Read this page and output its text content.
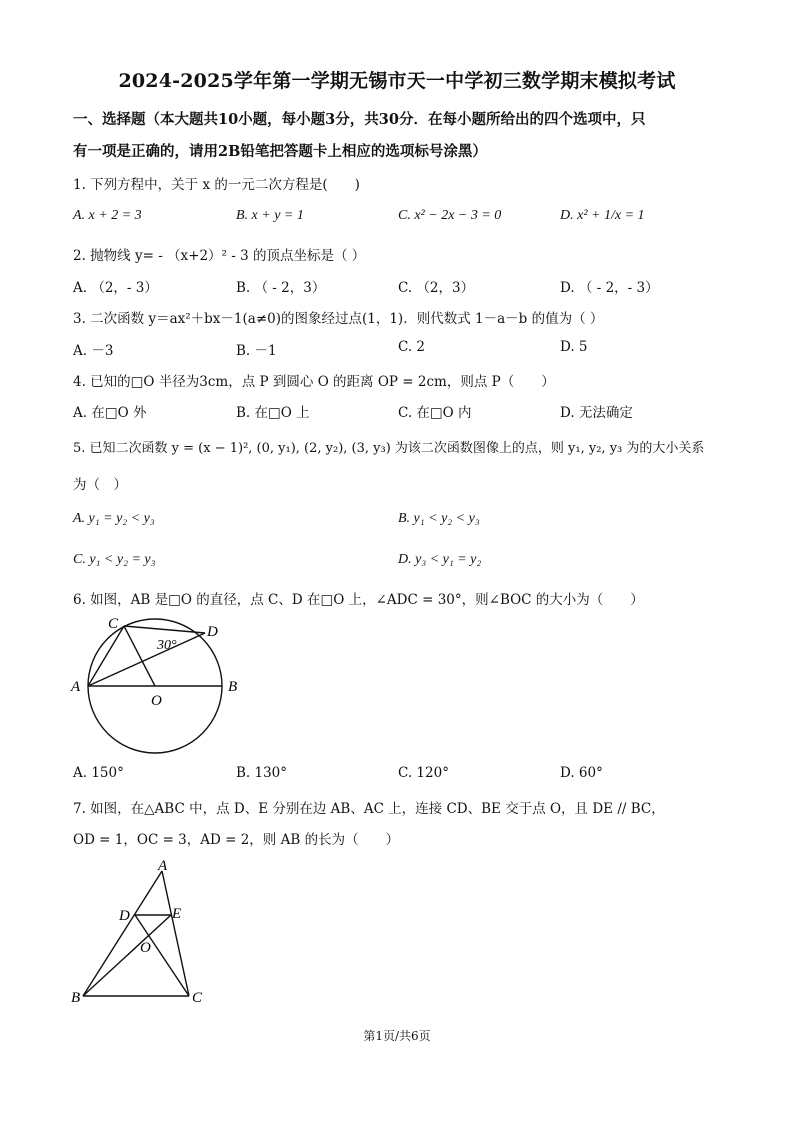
2024-2025学年第一学期无锡市天一中学初三数学期末模拟考试
一、选择题（本大题共10小题，每小题3分，共30分．在每小题所给出的四个选项中，只
有一项是正确的，请用2B铅笔把答题卡上相应的选项标号涂黑）
1. 下列方程中，关于 x 的一元二次方程是(　　)
A. x + 2 = 3	B. x + y = 1	C. x² − 2x − 3 = 0	D. x² + 1/x = 1
2. 抛物线 y= - （x+2）² - 3 的顶点坐标是（ ）
A. （2，- 3）	B. （ - 2，3）	C. （2，3）	D. （ - 2，- 3）
3. 二次函数 y＝ax²＋bx－1(a≠0)的图象经过点(1，1)．则代数式 1－a－b 的值为（ ）
A. －3	B. －1	C. 2	D. 5
4. 已知的□O 半径为3cm，点 P 到圆心 O 的距离 OP = 2cm，则点 P（　　）
A. 在□O 外	B. 在□O 上	C. 在□O 内	D. 无法确定
5. 已知二次函数 y = (x − 1)², (0, y₁), (2, y₂), (3, y₃) 为该二次函数图像上的点，则 y₁, y₂, y₃ 为的大小关系
为（　）
A. y₁ = y₂ < y₃	B. y₁ < y₂ < y₃
C. y₁ < y₂ = y₃	D. y₃ < y₁ = y₂
6. 如图，AB 是□O 的直径，点 C、D 在□O 上，∠ADC = 30°，则∠BOC 的大小为（　　）
C	D
A
O
B
30°
A. 150°	B. 130°	C. 120°	D. 60°
7. 如图，在△ABC 中，点 D、E 分别在边 AB、AC 上，连接 CD、BE 交于点 O，且 DE // BC，
OD = 1，OC = 3，AD = 2，则 AB 的长为（　　）
A
D	E
O
B	C
第1页/共6页
